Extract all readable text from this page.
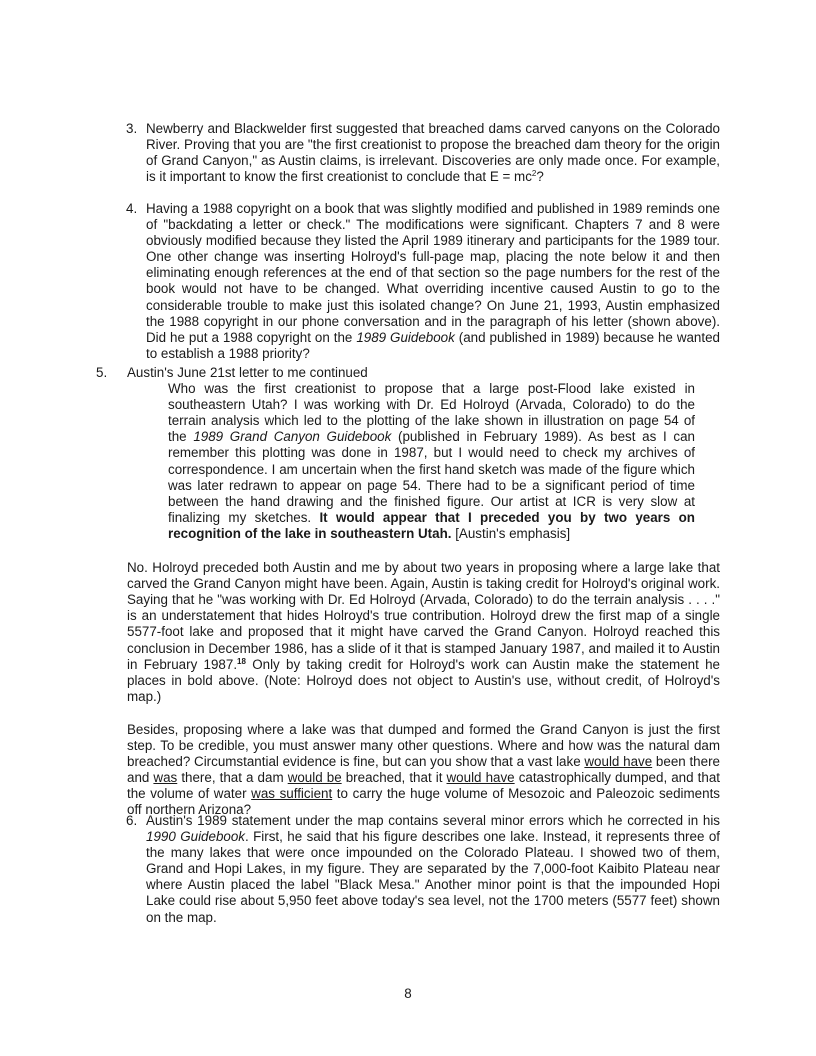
3. Newberry and Blackwelder first suggested that breached dams carved canyons on the Colorado River. Proving that you are "the first creationist to propose the breached dam theory for the origin of Grand Canyon," as Austin claims, is irrelevant. Discoveries are only made once. For example, is it important to know the first creationist to conclude that $E = mc^2$?

4. Having a 1988 copyright on a book that was slightly modified and published in 1989 reminds one of "backdating a letter or check." The modifications were significant. Chapters 7 and 8 were obviously modified because they listed the April 1989 itinerary and participants for the 1989 tour. One other change was inserting Holroyd's full-page map, placing the note below it and then eliminating enough references at the end of that section so the page numbers for the rest of the book would not have to be changed. What overriding incentive caused Austin to go to the considerable trouble to make just this isolated change? On June 21, 1993, Austin emphasized the 1988 copyright in our phone conversation and in the paragraph of his letter (shown above). Did he put a 1988 copyright on the 1989 Guidebook (and published in 1989) because he wanted to establish a 1988 priority?

5. Austin's June 21st letter to me continued

Who was the first creationist to propose that a large post-Flood lake existed in southeastern Utah? I was working with Dr. Ed Holroyd (Arvada, Colorado) to do the terrain analysis which led to the plotting of the lake shown in illustration on page 54 of the 1989 Grand Canyon Guidebook (published in February 1989). As best as I can remember this plotting was done in 1987, but I would need to check my archives of correspondence. I am uncertain when the first hand sketch was made of the figure which was later redrawn to appear on page 54. There had to be a significant period of time between the hand drawing and the finished figure. Our artist at ICR is very slow at finalizing my sketches. It would appear that I preceded you by two years on recognition of the lake in southeastern Utah. [Austin's emphasis]

No. Holroyd preceded both Austin and me by about two years in proposing where a large lake that carved the Grand Canyon might have been. Again, Austin is taking credit for Holroyd's original work. Saying that he "was working with Dr. Ed Holroyd (Arvada, Colorado) to do the terrain analysis . . . ." is an understatement that hides Holroyd's true contribution. Holroyd drew the first map of a single 5577-foot lake and proposed that it might have carved the Grand Canyon. Holroyd reached this conclusion in December 1986, has a slide of it that is stamped January 1987, and mailed it to Austin in February 1987.18 Only by taking credit for Holroyd's work can Austin make the statement he places in bold above. (Note: Holroyd does not object to Austin's use, without credit, of Holroyd's map.)

Besides, proposing where a lake was that dumped and formed the Grand Canyon is just the first step. To be credible, you must answer many other questions. Where and how was the natural dam breached? Circumstantial evidence is fine, but can you show that a vast lake would have been there and was there, that a dam would be breached, that it would have catastrophically dumped, and that the volume of water was sufficient to carry the huge volume of Mesozoic and Paleozoic sediments off northern Arizona?

6. Austin's 1989 statement under the map contains several minor errors which he corrected in his 1990 Guidebook. First, he said that his figure describes one lake. Instead, it represents three of the many lakes that were once impounded on the Colorado Plateau. I showed two of them, Grand and Hopi Lakes, in my figure. They are separated by the 7,000-foot Kaibito Plateau near where Austin placed the label "Black Mesa." Another minor point is that the impounded Hopi Lake could rise about 5,950 feet above today's sea level, not the 1700 meters (5577 feet) shown on the map.

8
